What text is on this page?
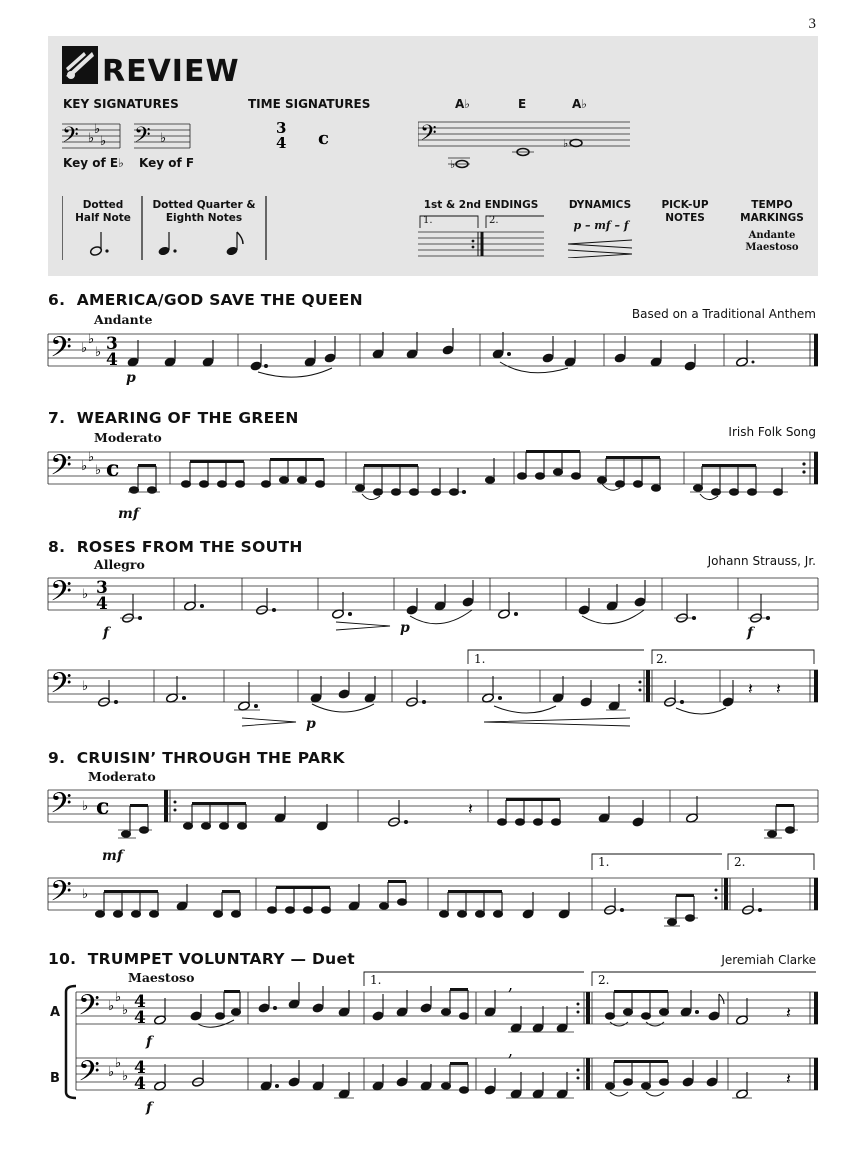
3
REVIEW
KEY SIGNATURES	TIME SIGNATURES
𝄢 ♭
♭
♭ 𝄢 ♭
Key of E♭ Key of F
3
4 c
A♭	E	A♭
𝄢
♭
♭
Dotted
Half Note
Dotted Quarter &
Eighth Notes
1st & 2nd ENDINGS
1.	2.
DYNAMICS
p – mf – f
PICK-UP
NOTES
TEMPO
MARKINGS
Andante
Maestoso
6. AMERICA/GOD SAVE THE QUEEN
Based on a Traditional Anthem
Andante
𝄢 ♭
♭
♭ 3
4
p
7. WEARING OF THE GREEN
Irish Folk Song
Moderato
𝄢 ♭
♭
♭ c
mf
8. ROSES FROM THE SOUTH
Johann Strauss, Jr.
Allegro
𝄢 ♭ 3
4
f	p	f
𝄢 ♭	𝄽 𝄽
1.	2.
p
9. CRUISIN’ THROUGH THE PARK
Moderato
𝄢 ♭ c	𝄽
mf
𝄢 ♭
1.	2.
10. TRUMPET VOLUNTARY — Duet	Jeremiah Clarke
Maestoso
A
B
𝄢
𝄢
♭
♭
♭
♭
♭
♭
4
4
4
4
,
,
𝄽
𝄽
1.	2.
f
f
